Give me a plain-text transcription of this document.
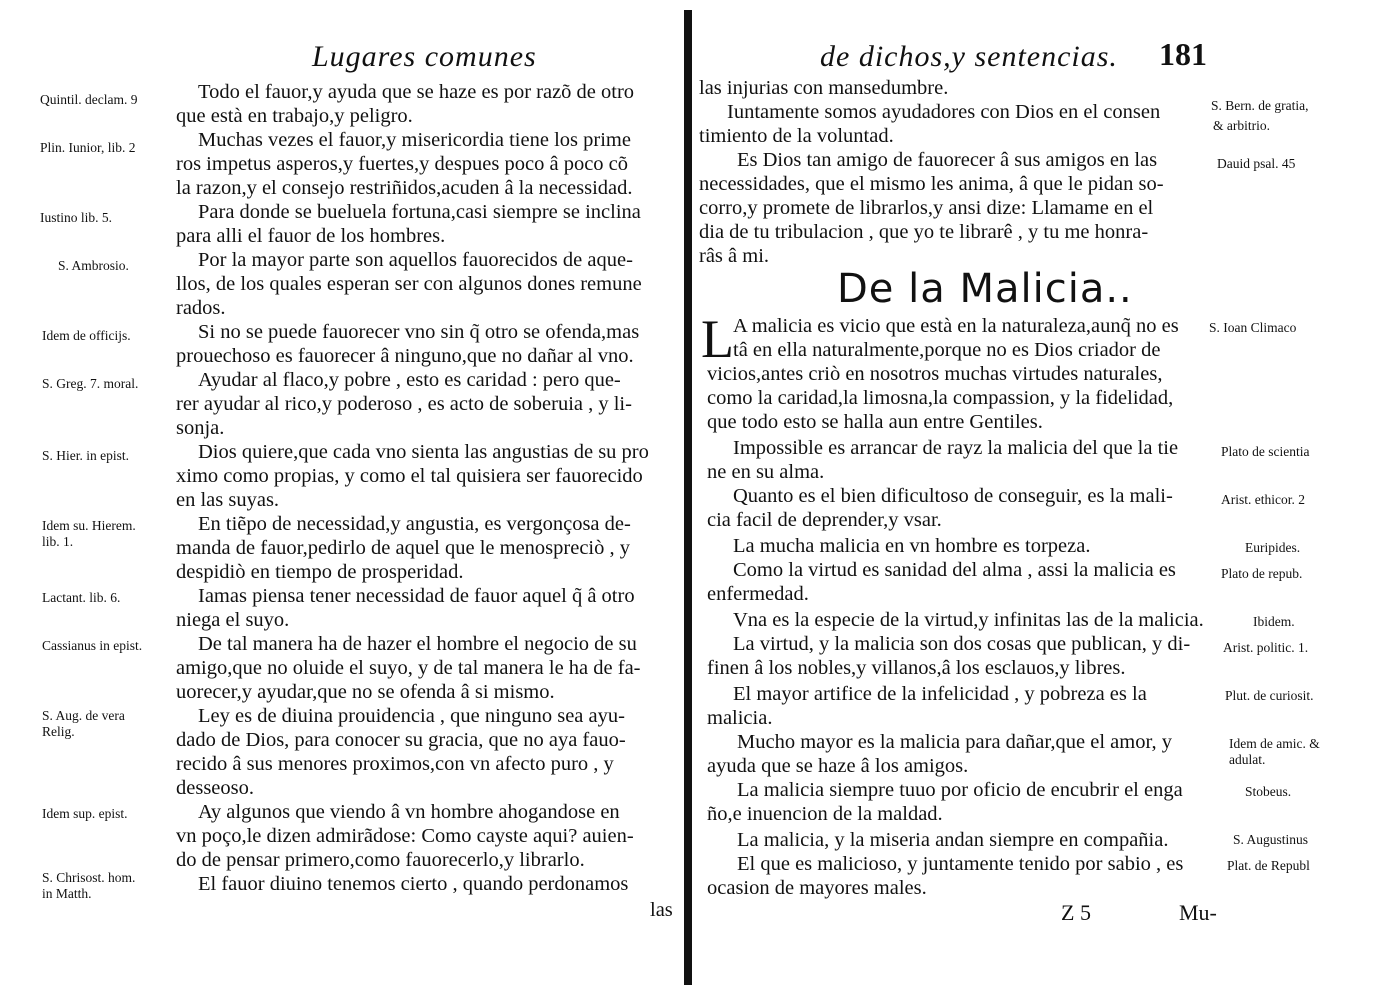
Lugares comunes
Todo el fauor,y ayuda que se haze es por razõ de otro
que està en trabajo,y peligro.
Muchas vezes el fauor,y misericordia tiene los prime
ros impetus asperos,y fuertes,y despues poco â poco cõ
la razon,y el consejo restriñidos,acuden â la necessidad.
Para donde se bueluela fortuna,casi siempre se inclina
para alli el fauor de los hombres.
Por la mayor parte son aquellos fauorecidos de aque-
llos, de los quales esperan ser con algunos dones remune
rados.
Si no se puede fauorecer vno sin q̃ otro se ofenda,mas
prouechoso es fauorecer â ninguno,que no dañar al vno.
Ayudar al flaco,y pobre , esto es caridad : pero que-
rer ayudar al rico,y poderoso , es acto de soberuia , y li-
sonja.
Dios quiere,que cada vno sienta las angustias de su pro
ximo como propias, y como el tal quisiera ser fauorecido
en las suyas.
En tiẽpo de necessidad,y angustia, es vergonçosa de-
manda de fauor,pedirlo de aquel que le menospreciò , y
despidiò en tiempo de prosperidad.
Iamas piensa tener necessidad de fauor aquel q̃ â otro
niega el suyo.
De tal manera ha de hazer el hombre el negocio de su
amigo,que no oluide el suyo, y de tal manera le ha de fa-
uorecer,y ayudar,que no se ofenda â si mismo.
Ley es de diuina prouidencia , que ninguno sea ayu-
dado de Dios, para conocer su gracia, que no aya fauo-
recido â sus menores proximos,con vn afecto puro , y
desseoso.
Ay algunos que viendo â vn hombre ahogandose en
vn poço,le dizen admirãdose: Como cayste aqui? auien-
do de pensar primero,como fauorecerlo,y librarlo.
El fauor diuino tenemos cierto , quando perdonamos
las
Quintil. declam. 9
Plin. Iunior, lib. 2
Iustino lib. 5.
S. Ambrosio.
Idem de officijs.
S. Greg. 7. moral.
S. Hier. in epist.
Idem su. Hierem.
lib. 1.
Lactant. lib. 6.
Cassianus in epist.
S. Aug. de vera
Relig.
Idem sup. epist.
S. Chrisost. hom.
in Matth.
de dichos,y sentencias. 181
las injurias con mansedumbre.
Iuntamente somos ayudadores con Dios en el consen
timiento de la voluntad.
Es Dios tan amigo de fauorecer â sus amigos en las
necessidades, que el mismo les anima, â que le pidan so-
corro,y promete de librarlos,y ansi dize: Llamame en el
dia de tu tribulacion , que yo te librarê , y tu me honra-
râs â mi.
De la Malicia..
L A malicia es vicio que està en la naturaleza,aunq̃ no es
tâ en ella naturalmente,porque no es Dios criador de
vicios,antes criò en nosotros muchas virtudes naturales,
como la caridad,la limosna,la compassion, y la fidelidad,
que todo esto se halla aun entre Gentiles.
Impossible es arrancar de rayz la malicia del que la tie
ne en su alma.
Quanto es el bien dificultoso de conseguir, es la mali-
cia facil de deprender,y vsar.
La mucha malicia en vn hombre es torpeza.
Como la virtud es sanidad del alma , assi la malicia es
enfermedad.
Vna es la especie de la virtud,y infinitas las de la malicia.
La virtud, y la malicia son dos cosas que publican, y di-
finen â los nobles,y villanos,â los esclauos,y libres.
El mayor artifice de la infelicidad , y pobreza es la
malicia.
Mucho mayor es la malicia para dañar,que el amor, y
ayuda que se haze â los amigos.
La malicia siempre tuuo por oficio de encubrir el enga
ño,e inuencion de la maldad.
La malicia, y la miseria andan siempre en compañia.
El que es malicioso, y juntamente tenido por sabio , es
ocasion de mayores males.
S. Bern. de gratia,
& arbitrio.
Dauid psal. 45
S. Ioan Climaco
Plato de scientia
Arist. ethicor. 2
Euripides.
Plato de repub.
Ibidem.
Arist. politic. 1.
Plut. de curiosit.
Idem de amic. &
adulat.
Stobeus.
S. Augustinus
Plat. de Republ
Z 5	Mu-
